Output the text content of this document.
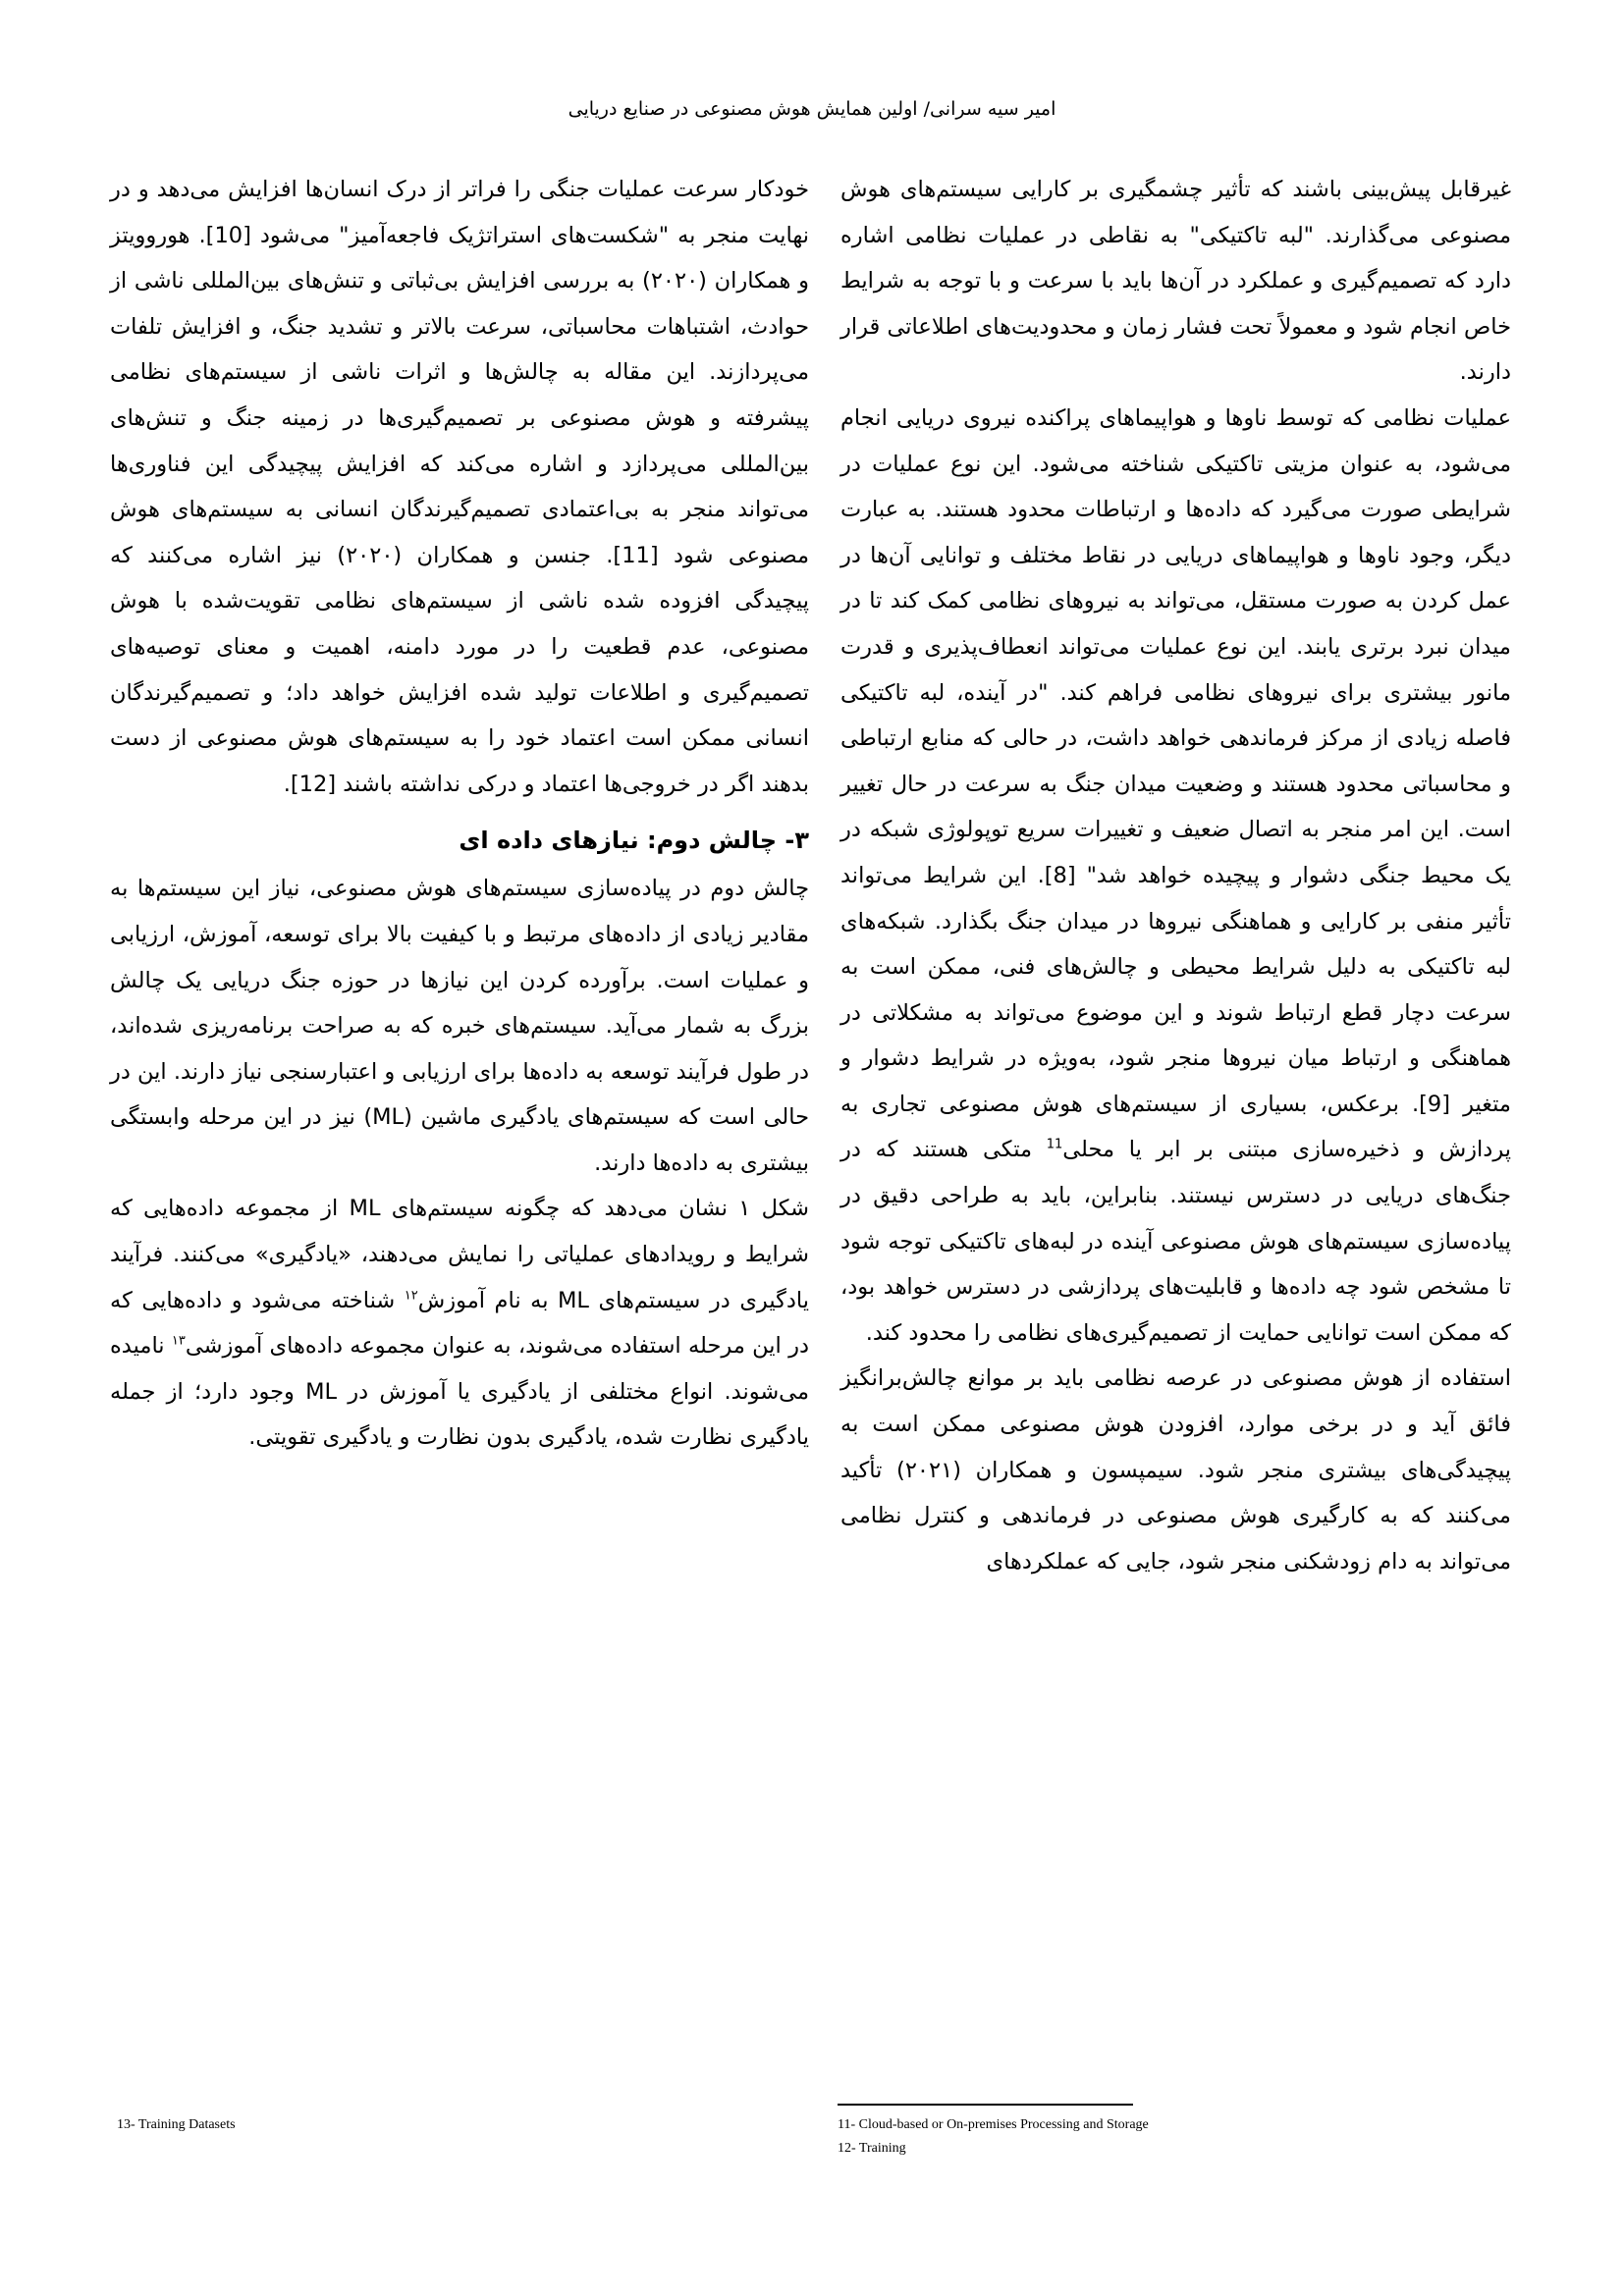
امیر سیه سرانی/ اولین همایش هوش مصنوعی در صنایع دریایی

غیرقابل پیش‌بینی باشند که تأثیر چشمگیری بر کارایی سیستم‌های هوش مصنوعی می‌گذارند. "لبه تاکتیکی" به نقاطی در عملیات نظامی اشاره دارد که تصمیم‌گیری و عملکرد در آن‌ها باید با سرعت و با توجه به شرایط خاص انجام شود و معمولاً تحت فشار زمان و محدودیت‌های اطلاعاتی قرار دارند.

عملیات نظامی که توسط ناوها و هواپیماهای پراکنده نیروی دریایی انجام می‌شود، به عنوان مزیتی تاکتیکی شناخته می‌شود. این نوع عملیات در شرایطی صورت می‌گیرد که داده‌ها و ارتباطات محدود هستند. به عبارت دیگر، وجود ناوها و هواپیماهای دریایی در نقاط مختلف و توانایی آن‌ها در عمل کردن به صورت مستقل، می‌تواند به نیروهای نظامی کمک کند تا در میدان نبرد برتری یابند. این نوع عملیات می‌تواند انعطاف‌پذیری و قدرت مانور بیشتری برای نیروهای نظامی فراهم کند. "در آینده، لبه تاکتیکی فاصله زیادی از مرکز فرماندهی خواهد داشت، در حالی که منابع ارتباطی و محاسباتی محدود هستند و وضعیت میدان جنگ به سرعت در حال تغییر است. این امر منجر به اتصال ضعیف و تغییرات سریع توپولوژی شبکه در یک محیط جنگی دشوار و پیچیده خواهد شد" [8]. این شرایط می‌تواند تأثیر منفی بر کارایی و هماهنگی نیروها در میدان جنگ بگذارد. شبکه‌های لبه تاکتیکی به دلیل شرایط محیطی و چالش‌های فنی، ممکن است به سرعت دچار قطع ارتباط شوند و این موضوع می‌تواند به مشکلاتی در هماهنگی و ارتباط میان نیروها منجر شود، به‌ویژه در شرایط دشوار و متغیر [9]. برعکس، بسیاری از سیستم‌های هوش مصنوعی تجاری به پردازش و ذخیره‌سازی مبتنی بر ابر یا محلی$^{11}$ متکی هستند که در جنگ‌های دریایی در دسترس نیستند. بنابراین، باید به طراحی دقیق در پیاده‌سازی سیستم‌های هوش مصنوعی آینده در لبه‌های تاکتیکی توجه شود تا مشخص شود چه داده‌ها و قابلیت‌های پردازشی در دسترس خواهد بود، که ممکن است توانایی حمایت از تصمیم‌گیری‌های نظامی را محدود کند.

استفاده از هوش مصنوعی در عرصه نظامی باید بر موانع چالش‌برانگیز فائق آید و در برخی موارد، افزودن هوش مصنوعی ممکن است به پیچیدگی‌های بیشتری منجر شود. سیمپسون و همکاران (۲۰۲۱) تأکید می‌کنند که به کارگیری هوش مصنوعی در فرماندهی و کنترل نظامی می‌تواند به دام زودشکنی منجر شود، جایی که عملکردهای

خودکار سرعت عملیات جنگی را فراتر از درک انسان‌ها افزایش می‌دهد و در نهایت منجر به "شکست‌های استراتژیک فاجعه‌آمیز" می‌شود [10]. هوروویتز و همکاران (۲۰۲۰) به بررسی افزایش بی‌ثباتی و تنش‌های بین‌المللی ناشی از حوادث، اشتباهات محاسباتی، سرعت بالاتر و تشدید جنگ، و افزایش تلفات می‌پردازند. این مقاله به چالش‌ها و اثرات ناشی از سیستم‌های نظامی پیشرفته و هوش مصنوعی بر تصمیم‌گیری‌ها در زمینه جنگ و تنش‌های بین‌المللی می‌پردازد و اشاره می‌کند که افزایش پیچیدگی این فناوری‌ها می‌تواند منجر به بی‌اعتمادی تصمیم‌گیرندگان انسانی به سیستم‌های هوش مصنوعی شود [11]. جنسن و همکاران (۲۰۲۰) نیز اشاره می‌کنند که پیچیدگی افزوده شده ناشی از سیستم‌های نظامی تقویت‌شده با هوش مصنوعی، عدم قطعیت را در مورد دامنه، اهمیت و معنای توصیه‌های تصمیم‌گیری و اطلاعات تولید شده افزایش خواهد داد؛ و تصمیم‌گیرندگان انسانی ممکن است اعتماد خود را به سیستم‌های هوش مصنوعی از دست بدهند اگر در خروجی‌ها اعتماد و درکی نداشته باشند [12].

۳- چالش دوم: نیازهای داده ای

چالش دوم در پیاده‌سازی سیستم‌های هوش مصنوعی، نیاز این سیستم‌ها به مقادیر زیادی از داده‌های مرتبط و با کیفیت بالا برای توسعه، آموزش، ارزیابی و عملیات است. برآورده کردن این نیازها در حوزه جنگ دریایی یک چالش بزرگ به شمار می‌آید. سیستم‌های خبره که به صراحت برنامه‌ریزی شده‌اند، در طول فرآیند توسعه به داده‌ها برای ارزیابی و اعتبارسنجی نیاز دارند. این در حالی است که سیستم‌های یادگیری ماشین (ML) نیز در این مرحله وابستگی بیشتری به داده‌ها دارند.

شکل ۱ نشان می‌دهد که چگونه سیستم‌های ML از مجموعه داده‌هایی که شرایط و رویدادهای عملیاتی را نمایش می‌دهند، «یادگیری» می‌کنند. فرآیند یادگیری در سیستم‌های ML به نام آموزش$^{۱۲}$ شناخته می‌شود و داده‌هایی که در این مرحله استفاده می‌شوند، به عنوان مجموعه داده‌های آموزشی$^{۱۳}$ نامیده می‌شوند. انواع مختلفی از یادگیری یا آموزش در ML وجود دارد؛ از جمله یادگیری نظارت شده، یادگیری بدون نظارت و یادگیری تقویتی.

11- Cloud-based or On-premises Processing and Storage
12- Training
13- Training Datasets
